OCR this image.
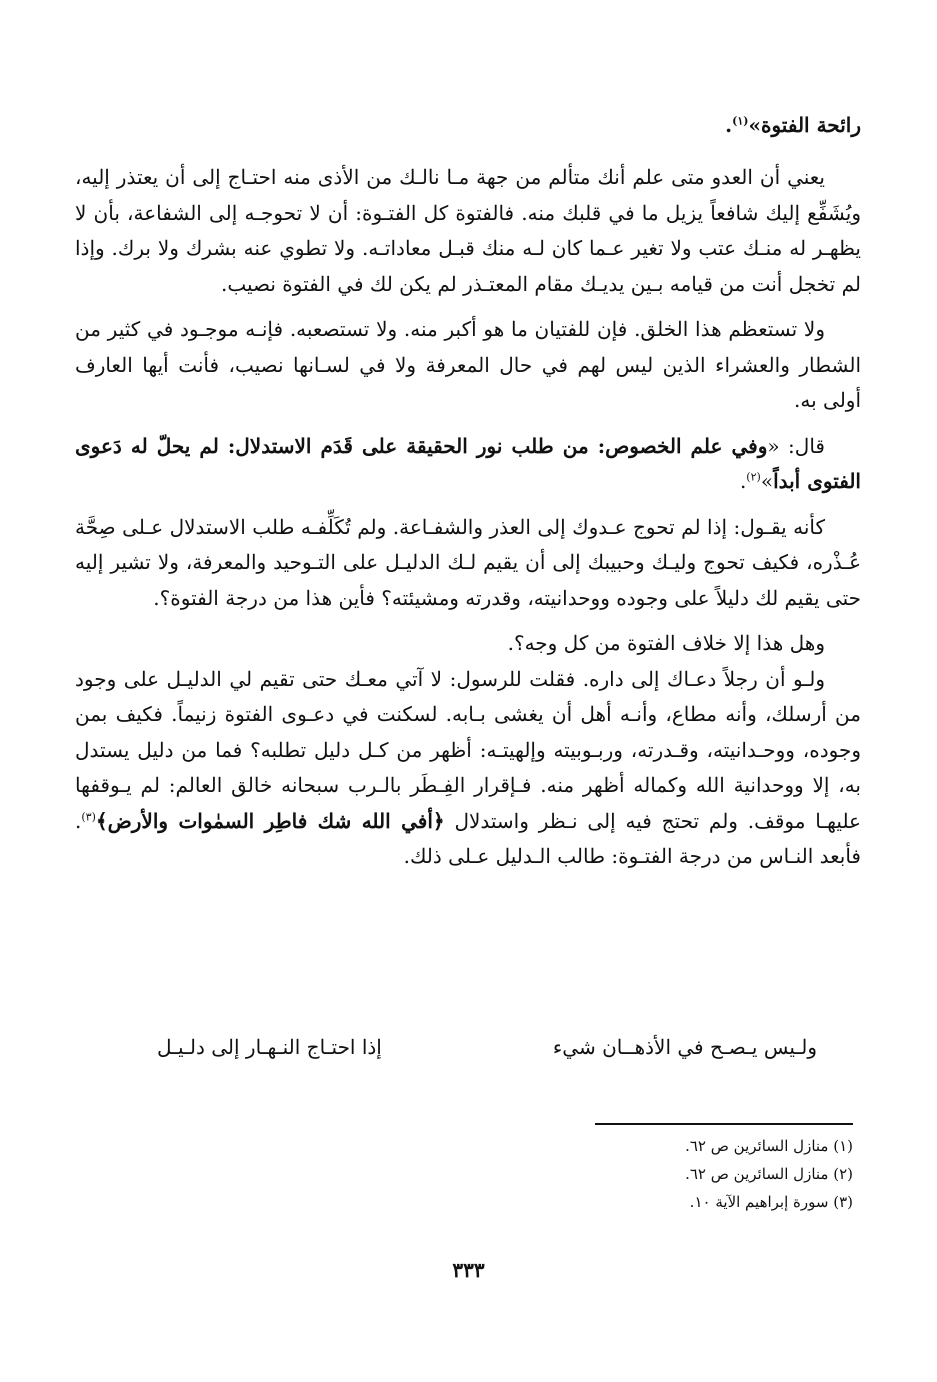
رائحة الفتوة»$^{(١)}$.

يعني أن العدو متى علم أنك متألم من جهة مـا نالـك من الأذى منه احتـاج إلى أن يعتذر إليه، ويُشَفِّع إليك شافعاً يزيل ما في قلبك منه. فالفتوة كل الفتـوة: أن لا تحوجـه إلى الشفاعة، بأن لا يظهـر له منـك عتب ولا تغير عـما كان لـه منك قبـل معاداتـه. ولا تطوي عنه بشرك ولا برك. وإذا لم تخجل أنت من قيامه بـين يديـك مقام المعتـذر لم يكن لك في الفتوة نصيب.

ولا تستعظم هذا الخلق. فإن للفتيان ما هو أكبر منه. ولا تستصعبه. فإنـه موجـود في كثير من الشطار والعشراء الذين ليس لهم في حال المعرفة ولا في لسـانها نصيب، فأنت أيها العارف أولى به.

قال: «وفي علم الخصوص: من طلب نور الحقيقة على قَدَم الاستدلال: لم يحلّ له دَعوى الفتوى أبداً»$^{(٢)}$.

كأنه يقـول: إذا لم تحوج عـدوك إلى العذر والشفـاعة. ولم تُكَلِّفـه طلب الاستدلال عـلى صِحَّة عُـذْره، فكيف تحوج وليـك وحبيبك إلى أن يقيم لـك الدليـل على التـوحيد والمعرفة، ولا تشير إليه حتى يقيم لك دليلاً على وجوده ووحدانيته، وقدرته ومشيئته؟ فأين هذا من درجة الفتوة؟.

وهل هذا إلا خلاف الفتوة من كل وجه؟.

ولـو أن رجلاً دعـاك إلى داره. فقلت للرسول: لا آتي معـك حتى تقيم لي الدليـل على وجود من أرسلك، وأنه مطاع، وأنـه أهل أن يغشى بـابه. لسكنت في دعـوى الفتوة زنيماً. فكيف بمن وجوده، ووحـدانيته، وقـدرته، وربـوبيته وإلهيتـه: أظهر من كـل دليل تطلبه؟ فما من دليل يستدل به، إلا ووحدانية الله وكماله أظهر منه. فـإقرار الفِـطَر بالـرب سبحانه خالق العالم: لم يـوقفها عليهـا موقف. ولم تحتج فيه إلى نـظر واستدلال ﴿أفي الله شك فاطِر السمٰوات والأرض﴾$^{(٣)}$. فأبعد النـاس من درجة الفتـوة: طالب الـدليل عـلى ذلك.

ولـيس يـصـح في الأذهــان شيء
إذا احتـاج النـهـار إلى دلـيـل
(١) منازل السائرين ص ٦٢.
(٢) منازل السائرين ص ٦٢.
(٣) سورة إبراهيم الآية ١٠.
٣٣٣
